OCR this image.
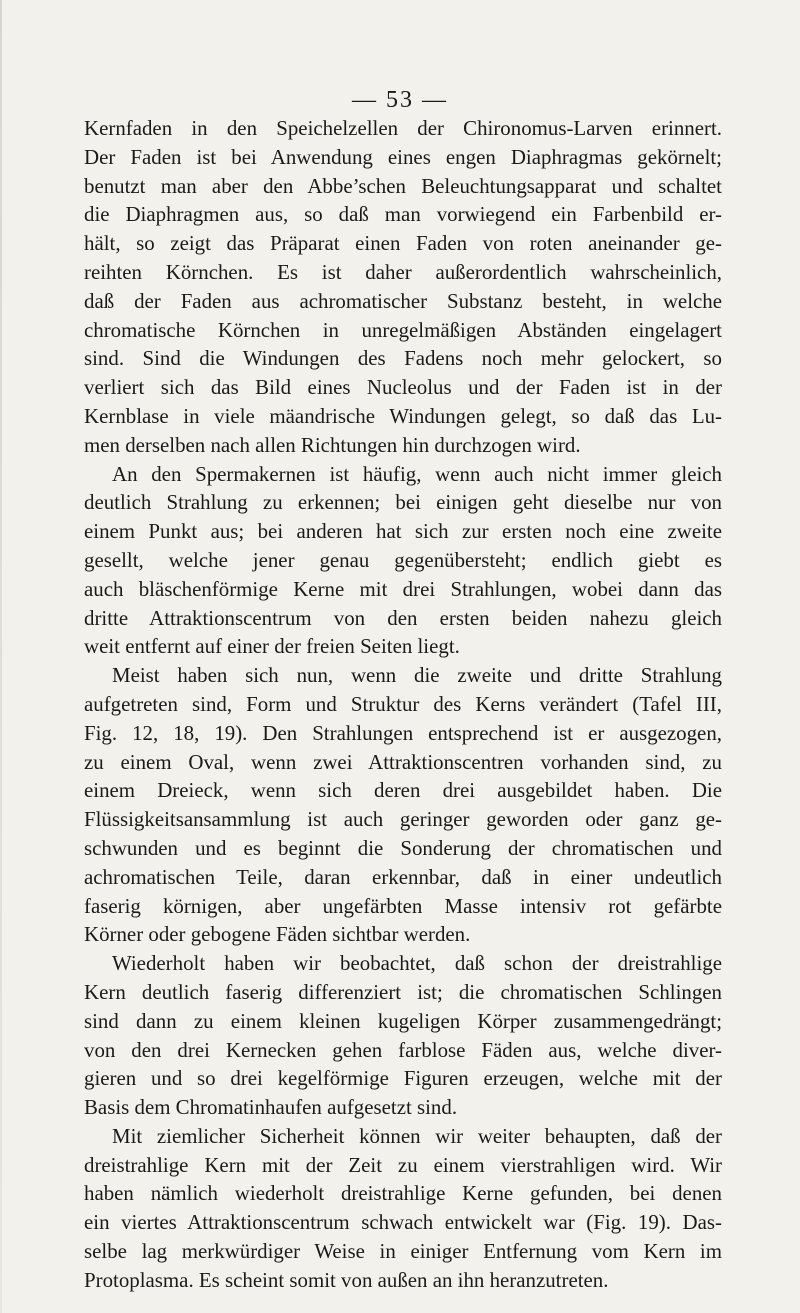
— 53 —
Kernfaden in den Speichelzellen der Chironomus-Larven erinnert.
Der Faden ist bei Anwendung eines engen Diaphragmas gekörnelt;
benutzt man aber den Abbe’schen Beleuchtungsapparat und schaltet
die Diaphragmen aus, so daß man vorwiegend ein Farbenbild er-
hält, so zeigt das Präparat einen Faden von roten aneinander ge-
reihten Körnchen. Es ist daher außerordentlich wahrscheinlich,
daß der Faden aus achromatischer Substanz besteht, in welche
chromatische Körnchen in unregelmäßigen Abständen eingelagert
sind. Sind die Windungen des Fadens noch mehr gelockert, so
verliert sich das Bild eines Nucleolus und der Faden ist in der
Kernblase in viele mäandrische Windungen gelegt, so daß das Lu-
men derselben nach allen Richtungen hin durchzogen wird.
An den Spermakernen ist häufig, wenn auch nicht immer gleich
deutlich Strahlung zu erkennen; bei einigen geht dieselbe nur von
einem Punkt aus; bei anderen hat sich zur ersten noch eine zweite
gesellt, welche jener genau gegenübersteht; endlich giebt es
auch bläschenförmige Kerne mit drei Strahlungen, wobei dann das
dritte Attraktionscentrum von den ersten beiden nahezu gleich
weit entfernt auf einer der freien Seiten liegt.
Meist haben sich nun, wenn die zweite und dritte Strahlung
aufgetreten sind, Form und Struktur des Kerns verändert (Tafel III,
Fig. 12, 18, 19). Den Strahlungen entsprechend ist er ausgezogen,
zu einem Oval, wenn zwei Attraktionscentren vorhanden sind, zu
einem Dreieck, wenn sich deren drei ausgebildet haben. Die
Flüssigkeitsansammlung ist auch geringer geworden oder ganz ge-
schwunden und es beginnt die Sonderung der chromatischen und
achromatischen Teile, daran erkennbar, daß in einer undeutlich
faserig körnigen, aber ungefärbten Masse intensiv rot gefärbte
Körner oder gebogene Fäden sichtbar werden.
Wiederholt haben wir beobachtet, daß schon der dreistrahlige
Kern deutlich faserig differenziert ist; die chromatischen Schlingen
sind dann zu einem kleinen kugeligen Körper zusammengedrängt;
von den drei Kernecken gehen farblose Fäden aus, welche diver-
gieren und so drei kegelförmige Figuren erzeugen, welche mit der
Basis dem Chromatinhaufen aufgesetzt sind.
Mit ziemlicher Sicherheit können wir weiter behaupten, daß der
dreistrahlige Kern mit der Zeit zu einem vierstrahligen wird. Wir
haben nämlich wiederholt dreistrahlige Kerne gefunden, bei denen
ein viertes Attraktionscentrum schwach entwickelt war (Fig. 19). Das-
selbe lag merkwürdiger Weise in einiger Entfernung vom Kern im
Protoplasma. Es scheint somit von außen an ihn heranzutreten.
